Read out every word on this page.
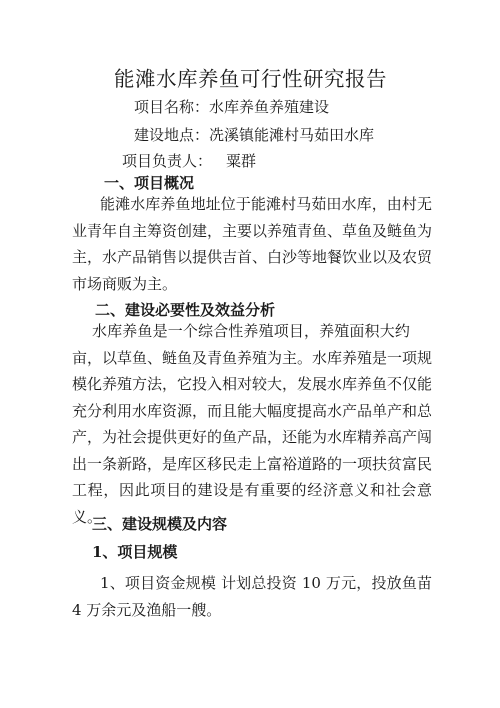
能滩水库养鱼可行性研究报告
项目名称：水库养鱼养殖建设
建设地点：冼溪镇能滩村马茹田水库
项目负责人： 粟群
一、项目概况

能滩水库养鱼地址位于能滩村马茹田水库，由村无业青年自主筹资创建，主要以养殖青鱼、草鱼及鲢鱼为主，水产品销售以提供吉首、白沙等地餐饮业以及农贸市场商贩为主。

二、建设必要性及效益分析

水库养鱼是一个综合性养殖项目，养殖面积大约亩，以草鱼、鲢鱼及青鱼养殖为主。水库养殖是一项规模化养殖方法，它投入相对较大，发展水库养鱼不仅能充分利用水库资源，而且能大幅度提高水产品单产和总产，为社会提供更好的鱼产品，还能为水库精养高产闯出一条新路，是库区移民走上富裕道路的一项扶贫富民工程，因此项目的建设是有重要的经济意义和社会意义。

三、建设规模及内容
1、项目规模

1、项目资金规模 计划总投资 10 万元，投放鱼苗 4 万余元及渔船一艘。
